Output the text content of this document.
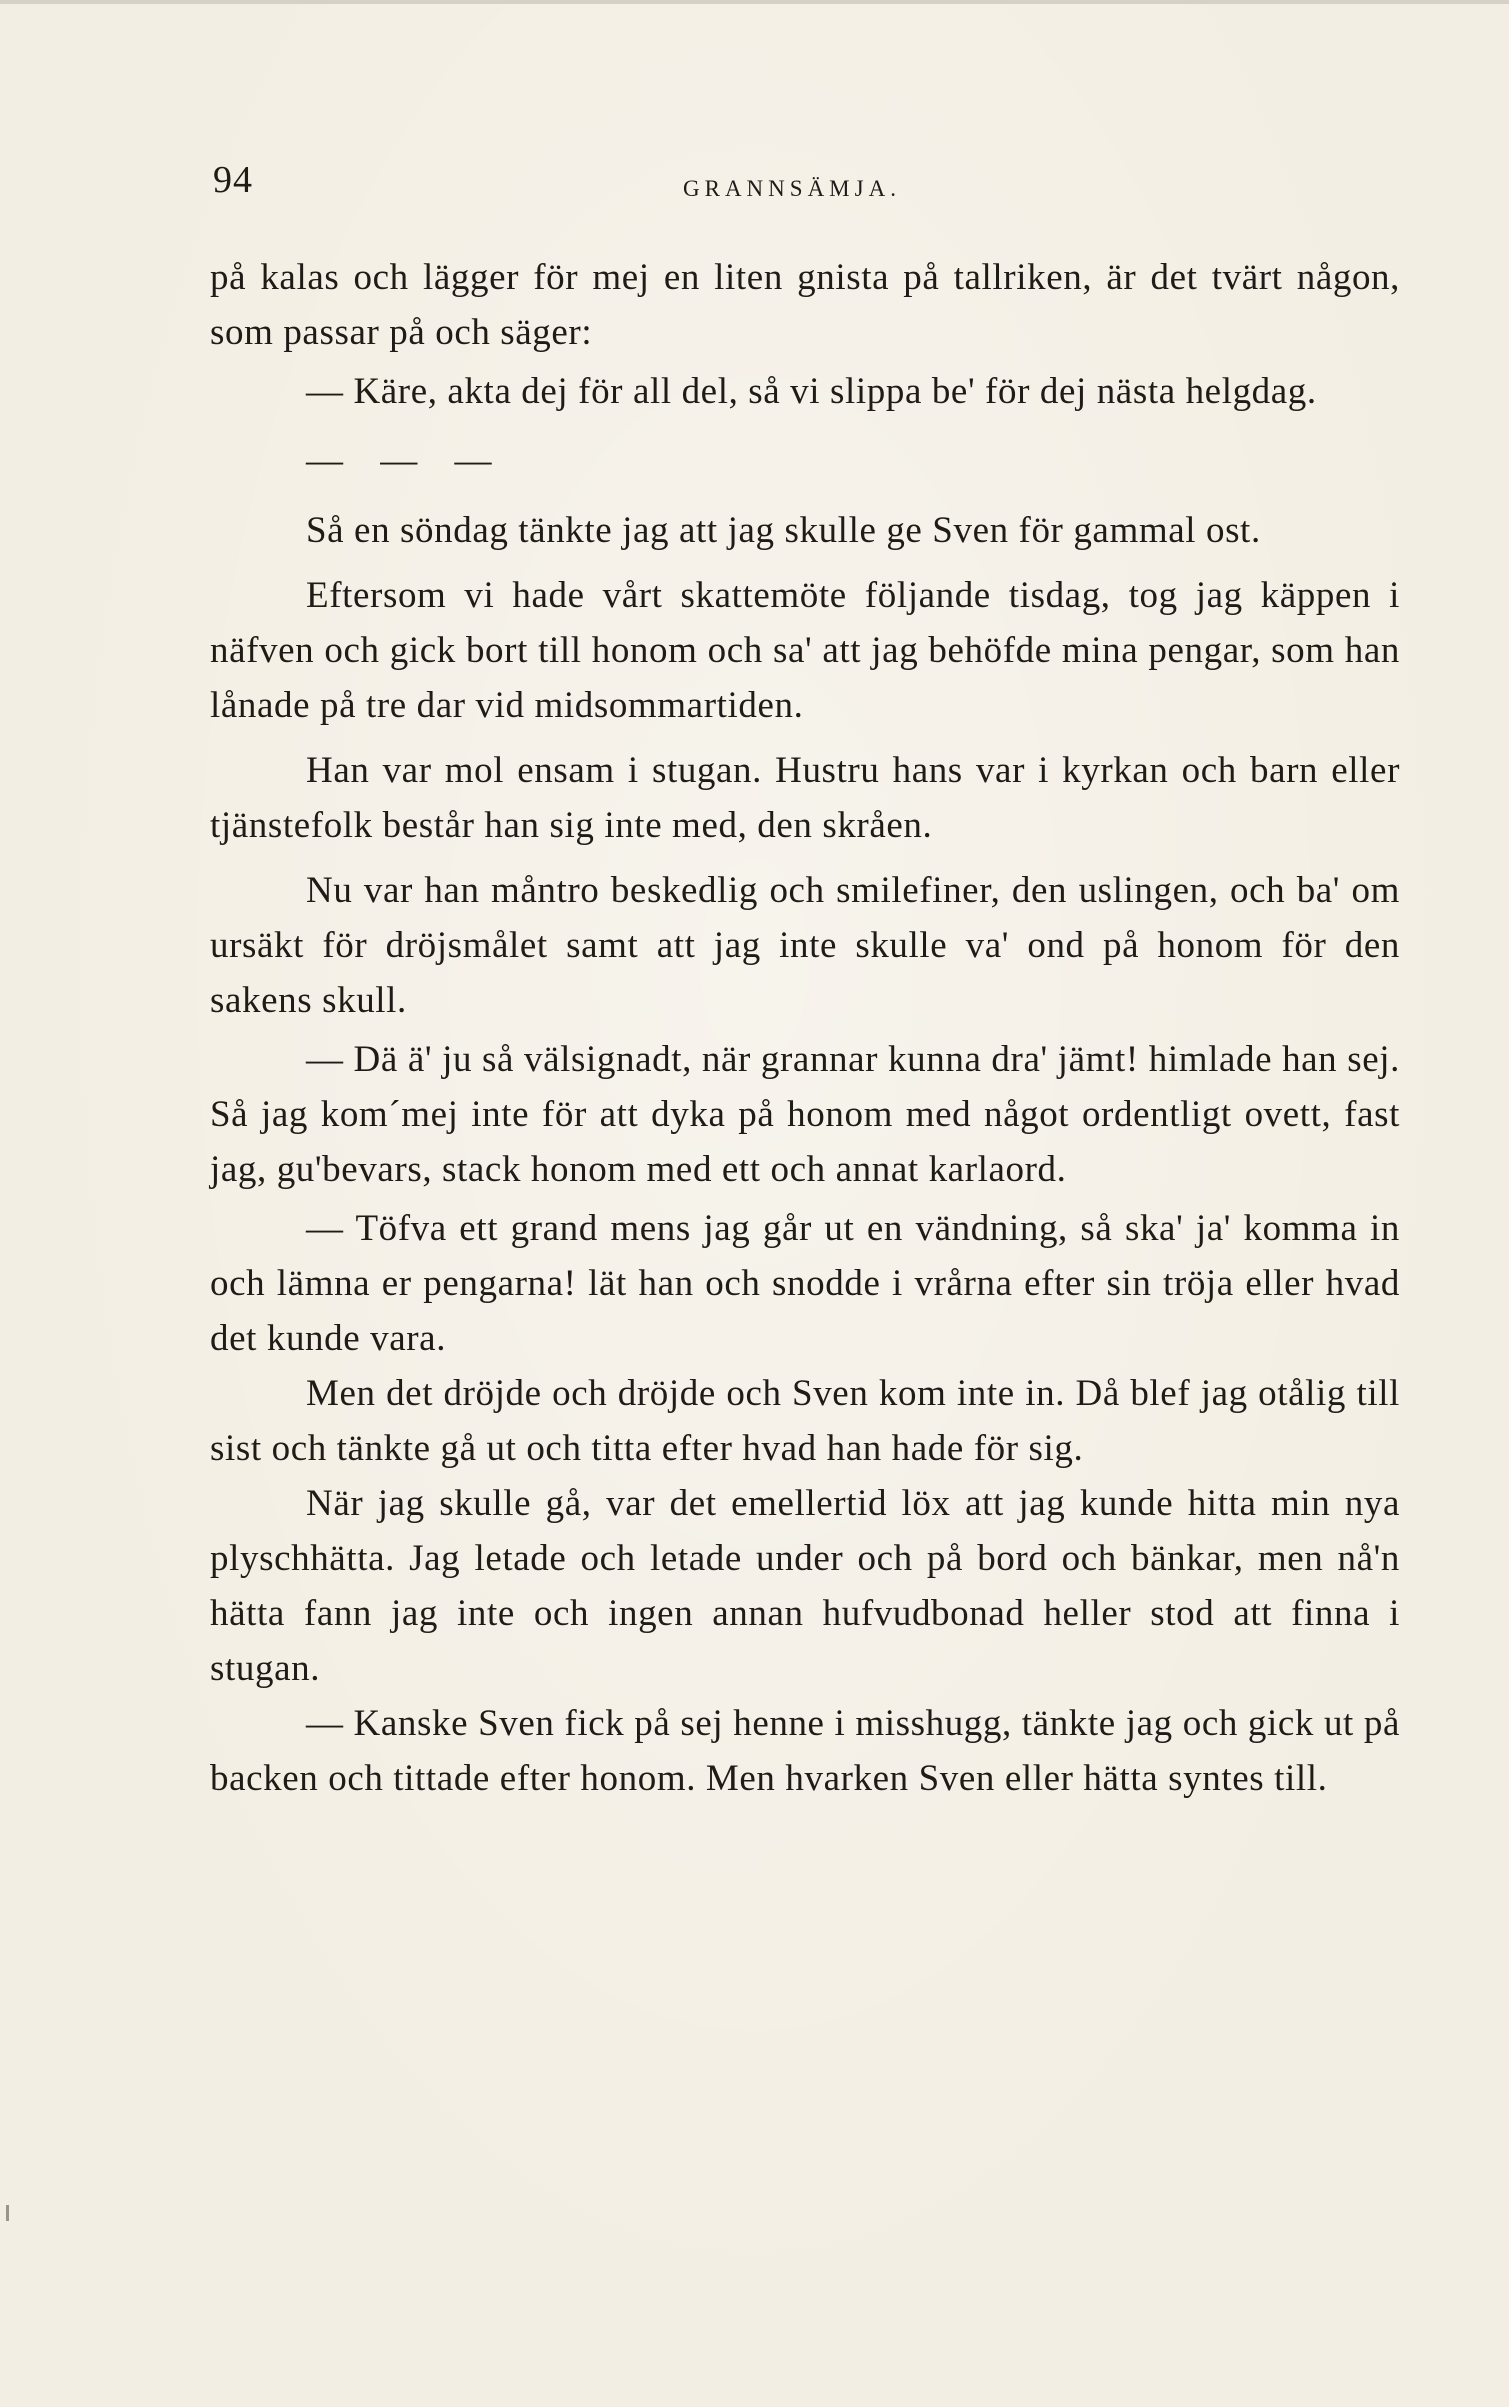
94	GRANNSÄMJA.

på kalas och lägger för mej en liten gnista på tallriken, är det tvärt någon, som passar på och säger:

— Käre, akta dej för all del, så vi slippa be' för dej nästa helgdag.

— — —

Så en söndag tänkte jag att jag skulle ge Sven för gammal ost.

Eftersom vi hade vårt skattemöte följande tisdag, tog jag käppen i näfven och gick bort till honom och sa' att jag behöfde mina pengar, som han lånade på tre dar vid midsommartiden.

Han var mol ensam i stugan. Hustru hans var i kyrkan och barn eller tjänstefolk består han sig inte med, den skråen.

Nu var han måntro beskedlig och smilefiner, den uslingen, och ba' om ursäkt för dröjsmålet samt att jag inte skulle va' ond på honom för den sakens skull.

— Dä ä' ju så välsignadt, när grannar kunna dra' jämt! himlade han sej. Så jag kom´mej inte för att dyka på honom med något ordentligt ovett, fast jag, gu'bevars, stack honom med ett och annat karlaord.

— Töfva ett grand mens jag går ut en vändning, så ska' ja' komma in och lämna er pengarna! lät han och snodde i vrårna efter sin tröja eller hvad det kunde vara.

Men det dröjde och dröjde och Sven kom inte in. Då blef jag otålig till sist och tänkte gå ut och titta efter hvad han hade för sig.

När jag skulle gå, var det emellertid löx att jag kunde hitta min nya plyschhätta. Jag letade och letade under och på bord och bänkar, men nå'n hätta fann jag inte och ingen annan hufvudbonad heller stod att finna i stugan.

— Kanske Sven fick på sej henne i misshugg, tänkte jag och gick ut på backen och tittade efter honom. Men hvarken Sven eller hätta syntes till.
